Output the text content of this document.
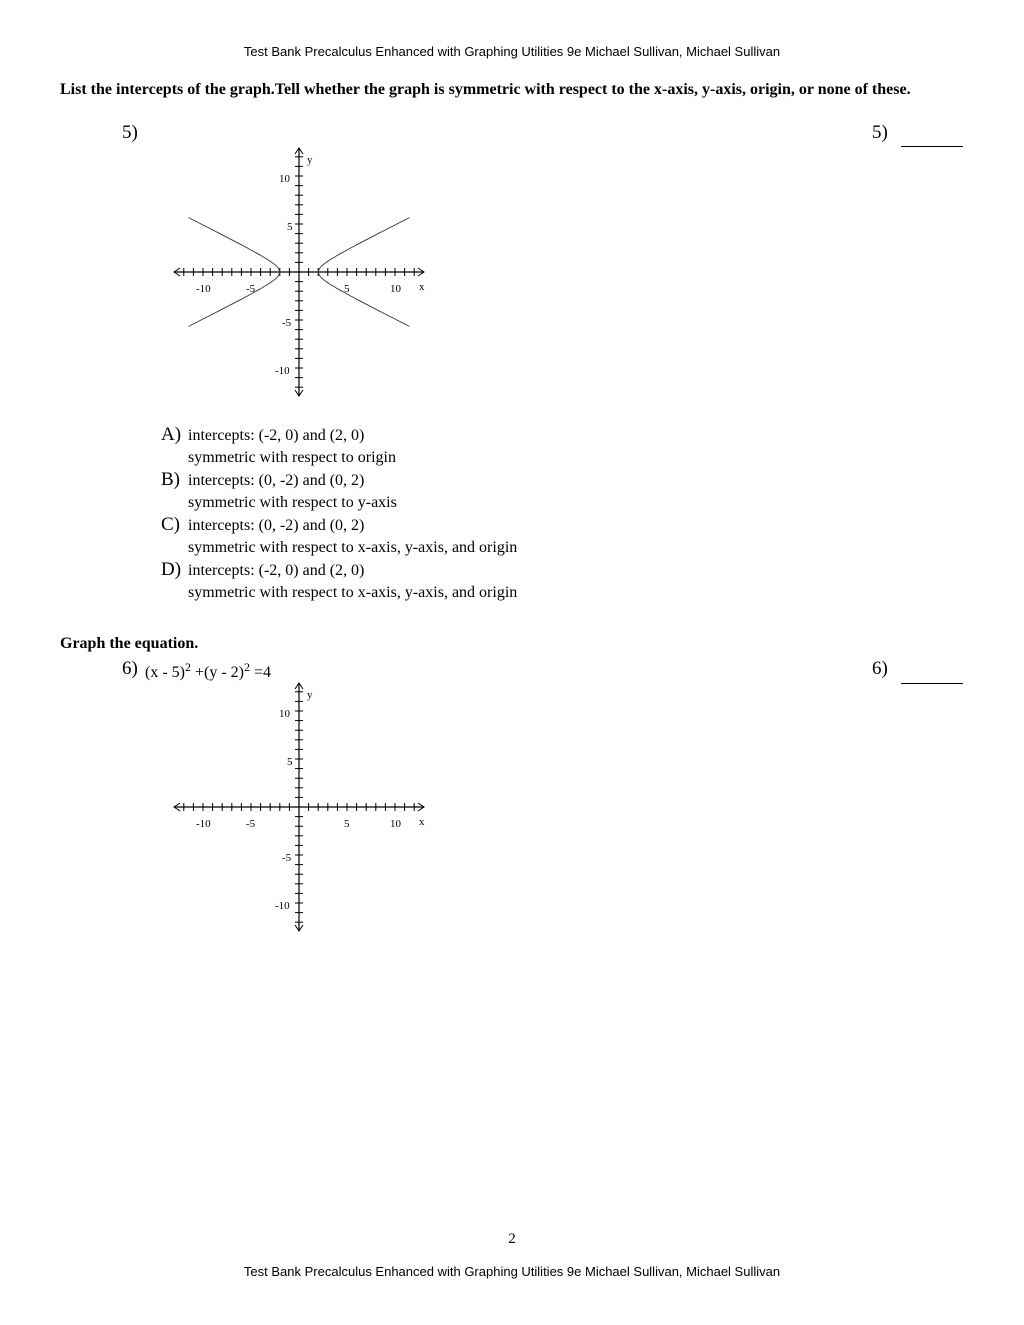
Test Bank Precalculus Enhanced with Graphing Utilities 9e Michael Sullivan, Michael Sullivan
List the intercepts of the graph.Tell whether the graph is symmetric with respect to the x-axis, y-axis, origin, or none of these.
5)	5)
y
x
-10	-5	5	10
10
5
-5
-10
A) intercepts: (-2, 0) and (2, 0)
symmetric with respect to origin
B) intercepts: (0, -2) and (0, 2)
symmetric with respect to y-axis
C) intercepts: (0, -2) and (0, 2)
symmetric with respect to x-axis, y-axis, and origin
D) intercepts: (-2, 0) and (2, 0)
symmetric with respect to x-axis, y-axis, and origin
Graph the equation.
6) (x - 5)$^2$ +(y - 2)$^2$ =4	6)
y
x
-10	-5	5	10
10
5
-5
-10
2
Test Bank Precalculus Enhanced with Graphing Utilities 9e Michael Sullivan, Michael Sullivan
